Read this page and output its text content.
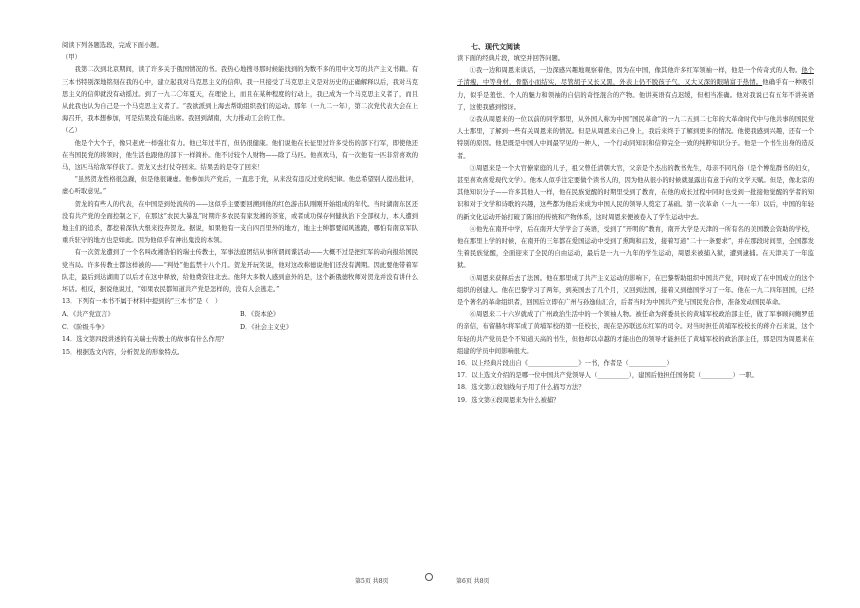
阅读下列各题选段，完成下面小题。

（甲）

我第二次到北京期间，读了许多关于俄国情况的书。我热心地搜寻那时候能找到的为数不多的用中文写的共产主义书籍。有三本书特别深地铭刻在我的心中，建立起我对马克思主义的信仰。我一旦接受了马克思主义是对历史的正确解释以后，我对马克思主义的信仰就没有动摇过。到了一九二〇年夏天，在理论上，而且在某种程度的行动上，我已成为一个马克思主义者了，而且从此我也认为自己是一个马克思主义者了。“我欲派到上海去帮助组织我们的运动。那年（一九二一年），第二次党代表大会在上海召开，我本想参加，可是结果没有能出席。我回到湖南，大力推动工会的工作。

（乙）

他是个大个子，像只老虎一样强壮有力。他已年过半百，但仍很健康。他们说他在长征里过许多受伤的部下行军，即使他还在当国民党的将领时，他生活也跟他的部下一样简朴。他不讨较个人财物——除了马匹。他喜欢马，有一次他有一匹非常喜欢的马，这匹马给敌军俘获了。贺龙又去打仗夺回来。结果丢的是夺了回来！

“虽然贺龙性格很急躁，但是他很谦虚。他参加共产党后，一直忠于党，从来没有违反过党的纪律。他总希望别人提出批评，虚心听取意见。”

贺龙的有些人的代表，在中国是到处流传的——这似乎主要要回溯到他的红色游击队刚刚开始组成的年代。当时湖南东区还没有共产党的全面控制之下，在那这“农民大暴乱”时期许多农民有家发湘的茶宴，或者成功保存何健执治下全部权力，本人遭到地主们的追杀，都挖着深仇大恨来投奔贺龙。据说，如果他有一支自四百里外的地方，地主士绅都要闻风逃跑，哪怕有南京军队重兵驻守的地方也是如此。因为他似乎有神出鬼没的本领。

有一次贺龙遭到了一个名叫改湘诰伯的瑞士传教士，军事法庭团结从事所谓间谍活动——大概不过是把红军的动向报给国民党当局。许多传教士都这样被的——“判处”他监禁十八个月。贺龙开玩笑说，他对这改称德说他们还没有满期。因此要他带着军队走，最后到达湖南了以后才在这中释放，给他费资往北去。他拜大多数人感到意外的是，这个新俄德牧师对贺龙并没有讲什么坏话。相反，据说他说过，“如果农民都知道共产党是怎样的，没有人会逃走。”

13．下列有一本书不属于材料中提到的“三本书”是（　）

A．《共产党宣言》	B．《资本论》
C．《阶级斗争》	D．《社会主义史》

14．选文第四段讲述的有关瑞士传教士的故事有什么作用？

15．根据选文内容，分析贺龙的形象特点。

七、现代文阅读

读下面的经典片段，填空并回答问题。

①我一边和周恩来谈话，一边深感兴趣地观察着他，因为在中国，像其他许多红军领袖一样，他是一个传奇式的人物。他个子清瘦，中等身材，骨骼小而结实，尽管胡子又长又黑，外表上仍不脱孩子气，又大又深的眼睛富于热情。他确乎有一种吸引力，似乎是羞怯、个人的魅力和领袖的自信的奇怪混合的产物。他讲英语有点迟缓，但相当准确。他对我说已有五年不讲英语了，这使我感到惊讶。

②我从周恩来的一位以前的同学那里，从外国人称为中国“国民革命”的一九二五到二七年的大革命时代中与他共事的国民党人士那里，了解到一些有关周恩来的情况。但是从周恩来自己身上，我后来终于了解到更多的情况。他使我感到兴趣，还有一个特别的原因。他是既是中国人中间最罕见的一种人，一个行动同知识和信仰完全一致的纯粹知识分子。他是一个书生出身的造反者。

③周恩来是一个大官僚家庭的儿子，祖父曾任清朝大官，父亲是个杰出的教书先生，母亲不同凡俗（是个博览群书的妇女，甚至喜欢喜爱现代文学）。他本人似乎注定要做个读书人的，因为他从很小的时候就显露出有意于向的文学天赋。但是，像北京的其他知识分子——许多其他人一样，他在民族觉醒的时期里受到了教育，在他的成长过程中同时也受到一批接他觉醒的学者的知识和对于文学和诗歌的兴趣，这些都为他后来成为中国人民的领导人奠定了基础。第一次革命（一九一一年）以后，中国的年轻的新文化运动开始打破了陈旧的传统和产物体系，这时周恩来便被卷入了学生运动中去。

④他先在南开中学，后在南开大学学会了英语，受到了“开明的”教育，南开大学是天津的一所有名的美国教会资助的学校，他在那里上学的时候，在南开的三年都在爱国运动中受到了熏陶和启发，接着写道“二十一条要求”，并在那段时间里，全国都发生着民族觉醒，全面迎来了全民的自由运动，最后是一九一九年的学生运动，周恩来被捕入狱，遭到逮捕。在天津关了一年监狱。

⑤周恩来获释后去了法国。他在那里成了共产主义运动的影响下，在巴黎帮助组织中国共产党，同时成了在中国成立的这个组织的创建人。他在巴黎学习了两年，到英国去了几个月，又回到法国，接着又到德国学习了一年。他在一九二四年回国，已经是个著名的革命组织者，回国后立即在广州与孙逸仙汇合，后者当时为中国共产党与国民党合作，准备发动国民革命。

⑥周恩来二十六岁就成了广州政治生活中的一个领袖人物。被任命为蒋委员长的黄埔军校政治部主任，做了军事顾问鲍罗廷的亲信，布留赫尔将军成了黄埔军校的第一任校长，现在是苏联远东红军的司令。对当时担任黄埔军校校长的蒋介石来说，这个年轻的共产党员是个不知道天高的书生，但他却以卓越的才能出色的领导才能担任了黄埔军校的政治部主任，那是因为周恩来在组建的学员中间影响很大。

16．以上经典片段出自《________________》一书，作者是（____________）

17．以上选文介绍的是哪一位中国共产党领导人（__________），建国后他担任国务院（__________）一职。

18．选文第①段划线句子用了什么描写方法？

19．选文第④段周恩来为什么被捕？

第5页 共8页	第6页 共8页
